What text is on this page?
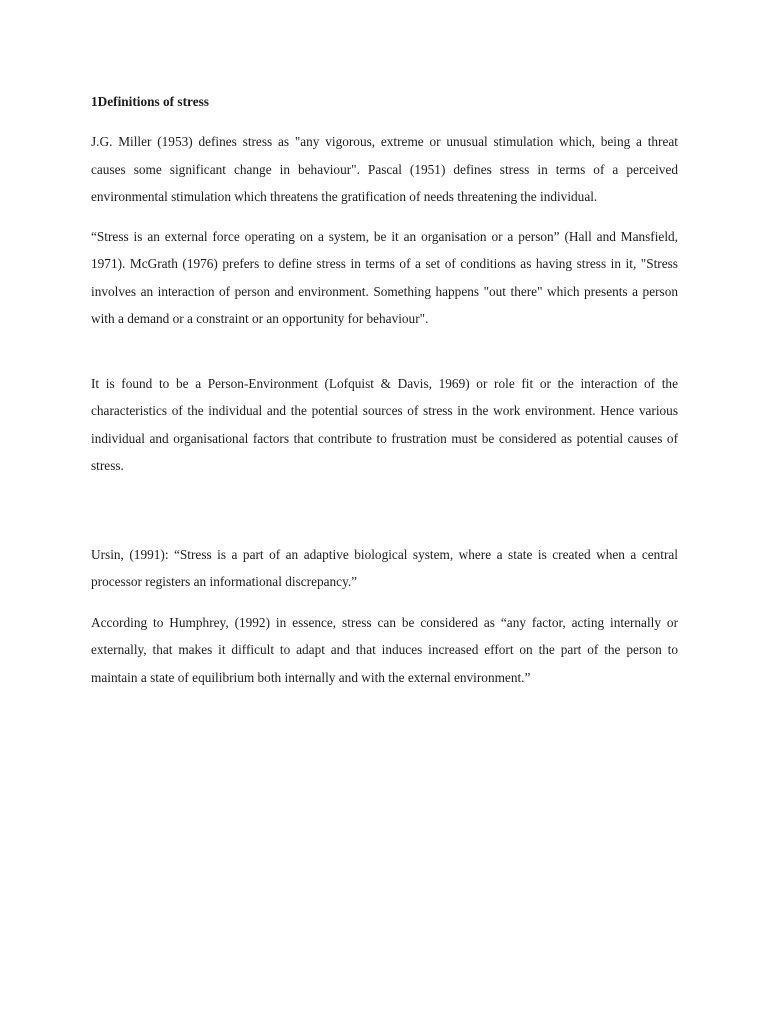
1Definitions of stress

J.G. Miller (1953) defines stress as "any vigorous, extreme or unusual stimulation which, being a threat causes some significant change in behaviour". Pascal (1951) defines stress in terms of a perceived environmental stimulation which threatens the gratification of needs threatening the individual.

“Stress is an external force operating on a system, be it an organisation or a person” (Hall and Mansfield, 1971). McGrath (1976) prefers to define stress in terms of a set of conditions as having stress in it, "Stress involves an interaction of person and environment. Something happens "out there" which presents a person with a demand or a constraint or an opportunity for behaviour".

It is found to be a Person-Environment (Lofquist & Davis, 1969) or role fit or the interaction of the characteristics of the individual and the potential sources of stress in the work environment. Hence various individual and organisational factors that contribute to frustration must be considered as potential causes of stress.

Ursin, (1991): “Stress is a part of an adaptive biological system, where a state is created when a central processor registers an informational discrepancy.”

According to Humphrey, (1992) in essence, stress can be considered as “any factor, acting internally or externally, that makes it difficult to adapt and that induces increased effort on the part of the person to maintain a state of equilibrium both internally and with the external environment.”
